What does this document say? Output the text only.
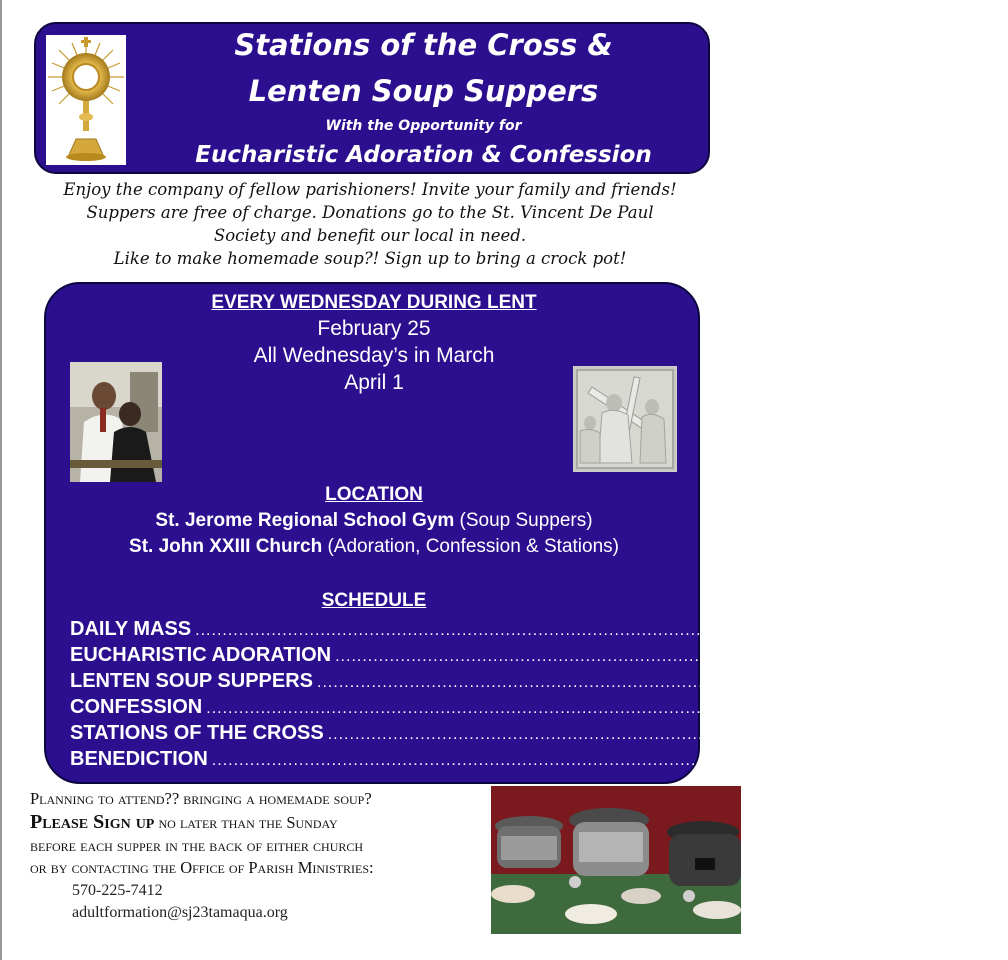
Stations of the Cross &
Lenten Soup Suppers
With the Opportunity for
Eucharistic Adoration & Confession
Enjoy the company of fellow parishioners! Invite your family and friends!
Suppers are free of charge. Donations go to the St. Vincent De Paul
Society and benefit our local in need.
Like to make homemade soup?! Sign up to bring a crock pot!
EVERY WEDNESDAY DURING LENT
February 25
All Wednesday’s in March
April 1
LOCATION
St. Jerome Regional School Gym (Soup Suppers)
St. John XXIII Church (Adoration, Confession & Stations)
SCHEDULE
DAILY MASS .............................................................................................. 9:00 am
EUCHARISTIC ADORATION .............................................................................................. 9:30am - 7:00 pm
LENTEN SOUP SUPPERS .............................................................................................. 6:00 - 7:00 pm
CONFESSION .............................................................................................. 6:00 - 7:00 pm
STATIONS OF THE CROSS .............................................................................................. 7:15 pm
BENEDICTION .............................................................................................. 7:45 pm
Planning to attend?? bringing a homemade soup?
Please Sign up no later than the Sunday
before each supper in the back of either church
or by contacting the Office of Parish Ministries:
570-225-7412
adultformation@sj23tamaqua.org
